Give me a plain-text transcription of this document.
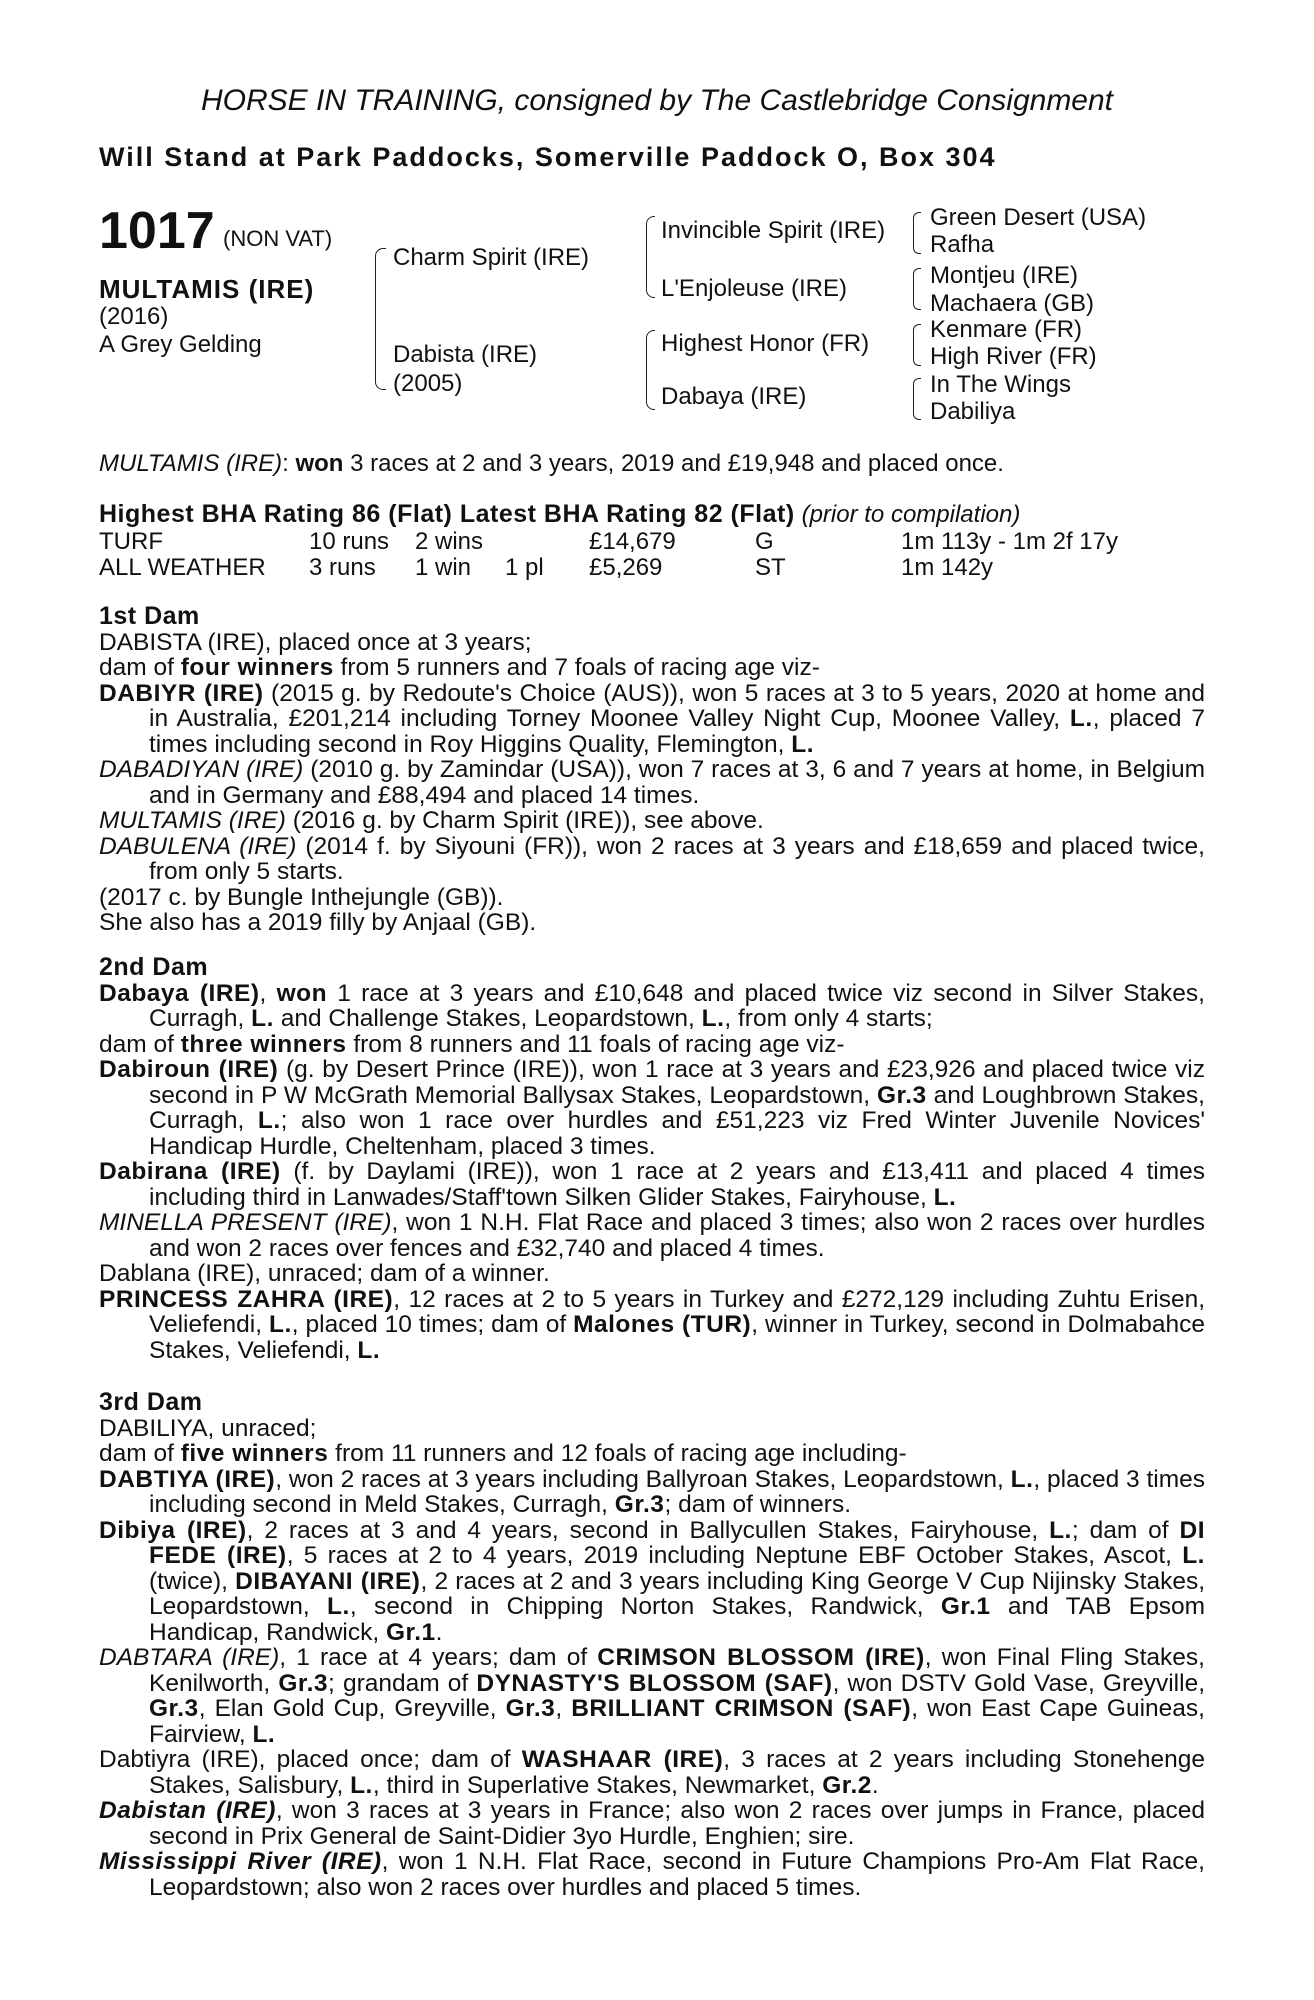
HORSE IN TRAINING, consigned by The Castlebridge Consignment
Will Stand at Park Paddocks, Somerville Paddock O, Box 304
1017 (NON VAT)
MULTAMIS (IRE)
(2016)
A Grey Gelding
Charm Spirit (IRE)
Dabista (IRE)
(2005)
Invincible Spirit (IRE)
L'Enjoleuse (IRE)
Highest Honor (FR)
Dabaya (IRE)
Green Desert (USA)
Rafha
Montjeu (IRE)
Machaera (GB)
Kenmare (FR)
High River (FR)
In The Wings
Dabiliya
MULTAMIS (IRE): won 3 races at 2 and 3 years, 2019 and £19,948 and placed once.
Highest BHA Rating 86 (Flat) Latest BHA Rating 82 (Flat) (prior to compilation)
TURF	10 runs 2 wins	£14,679	G	1m 113y - 1m 2f 17y
ALL WEATHER 3 runs 1 win 1 pl £5,269	ST	1m 142y
1st Dam
DABISTA (IRE), placed once at 3 years;
dam of four winners from 5 runners and 7 foals of racing age viz-
DABIYR (IRE) (2015 g. by Redoute's Choice (AUS)), won 5 races at 3 to 5 years, 2020 at home and in Australia, £201,214 including Torney Moonee Valley Night Cup, Moonee Valley, L., placed 7 times including second in Roy Higgins Quality, Flemington, L.
DABADIYAN (IRE) (2010 g. by Zamindar (USA)), won 7 races at 3, 6 and 7 years at home, in Belgium and in Germany and £88,494 and placed 14 times.
MULTAMIS (IRE) (2016 g. by Charm Spirit (IRE)), see above.
DABULENA (IRE) (2014 f. by Siyouni (FR)), won 2 races at 3 years and £18,659 and placed twice, from only 5 starts.
(2017 c. by Bungle Inthejungle (GB)).
She also has a 2019 filly by Anjaal (GB).
2nd Dam
Dabaya (IRE), won 1 race at 3 years and £10,648 and placed twice viz second in Silver Stakes, Curragh, L. and Challenge Stakes, Leopardstown, L., from only 4 starts;
dam of three winners from 8 runners and 11 foals of racing age viz-
Dabiroun (IRE) (g. by Desert Prince (IRE)), won 1 race at 3 years and £23,926 and placed twice viz second in P W McGrath Memorial Ballysax Stakes, Leopardstown, Gr.3 and Loughbrown Stakes, Curragh, L.; also won 1 race over hurdles and £51,223 viz Fred Winter Juvenile Novices' Handicap Hurdle, Cheltenham, placed 3 times.
Dabirana (IRE) (f. by Daylami (IRE)), won 1 race at 2 years and £13,411 and placed 4 times including third in Lanwades/Staff'town Silken Glider Stakes, Fairyhouse, L.
MINELLA PRESENT (IRE), won 1 N.H. Flat Race and placed 3 times; also won 2 races over hurdles and won 2 races over fences and £32,740 and placed 4 times.
Dablana (IRE), unraced; dam of a winner.
PRINCESS ZAHRA (IRE), 12 races at 2 to 5 years in Turkey and £272,129 including Zuhtu Erisen, Veliefendi, L., placed 10 times; dam of Malones (TUR), winner in Turkey, second in Dolmabahce Stakes, Veliefendi, L.
3rd Dam
DABILIYA, unraced;
dam of five winners from 11 runners and 12 foals of racing age including-
DABTIYA (IRE), won 2 races at 3 years including Ballyroan Stakes, Leopardstown, L., placed 3 times including second in Meld Stakes, Curragh, Gr.3; dam of winners.
Dibiya (IRE), 2 races at 3 and 4 years, second in Ballycullen Stakes, Fairyhouse, L.; dam of DI FEDE (IRE), 5 races at 2 to 4 years, 2019 including Neptune EBF October Stakes, Ascot, L. (twice), DIBAYANI (IRE), 2 races at 2 and 3 years including King George V Cup Nijinsky Stakes, Leopardstown, L., second in Chipping Norton Stakes, Randwick, Gr.1 and TAB Epsom Handicap, Randwick, Gr.1.
DABTARA (IRE), 1 race at 4 years; dam of CRIMSON BLOSSOM (IRE), won Final Fling Stakes, Kenilworth, Gr.3; grandam of DYNASTY'S BLOSSOM (SAF), won DSTV Gold Vase, Greyville, Gr.3, Elan Gold Cup, Greyville, Gr.3, BRILLIANT CRIMSON (SAF), won East Cape Guineas, Fairview, L.
Dabtiyra (IRE), placed once; dam of WASHAAR (IRE), 3 races at 2 years including Stonehenge Stakes, Salisbury, L., third in Superlative Stakes, Newmarket, Gr.2.
Dabistan (IRE), won 3 races at 3 years in France; also won 2 races over jumps in France, placed second in Prix General de Saint-Didier 3yo Hurdle, Enghien; sire.
Mississippi River (IRE), won 1 N.H. Flat Race, second in Future Champions Pro-Am Flat Race, Leopardstown; also won 2 races over hurdles and placed 5 times.
